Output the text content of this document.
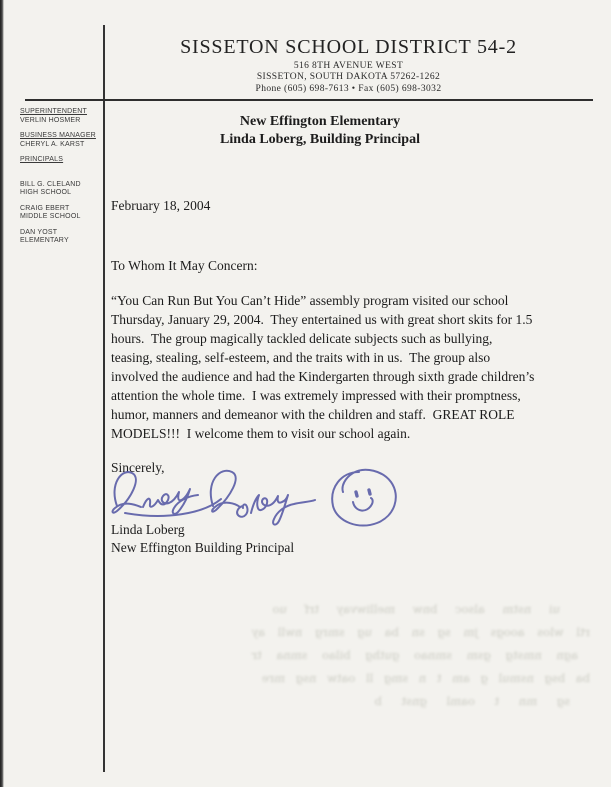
SISSETON SCHOOL DISTRICT 54-2
516 8TH AVENUE WEST
SISSETON, SOUTH DAKOTA 57262-1262
Phone (605) 698-7613 • Fax (605) 698-3032
SUPERINTENDENT
VERLIN HOSMER
BUSINESS MANAGER
CHERYL A. KARST
PRINCIPALS
BILL G. CLELAND
HIGH SCHOOL
CRAIG EBERT
MIDDLE SCHOOL
DAN YOST
ELEMENTARY
New Effington Elementary
Linda Loberg, Building Principal
February 18, 2004
To Whom It May Concern:
“You Can Run But You Can’t Hide” assembly program visited our school Thursday, January 29, 2004.  They entertained us with great short skits for 1.5 hours.  The group magically tackled delicate subjects such as bullying, teasing, stealing, self-esteem, and the traits with in us.  The group also involved the audience and had the Kindergarten through sixth grade children’s attention the whole time.  I was extremely impressed with their promptness, humor, manners and demeanor with the children and staff.  GREAT ROLE MODELS!!!  I welcome them to visit our school again.
Sincerely,
Linda Loberg
New Effington Building Principal
ui nstm alsoc bnw melliwvay trf uo
rtl wlos aoogs jm sg sn ba ug smrg nwll ay
agn nmstg gsm smnao guthg bilao smna tr
ba bsg nsmul g am t n smg ll oatw nsg mre
sg mn t oaml gnst b
